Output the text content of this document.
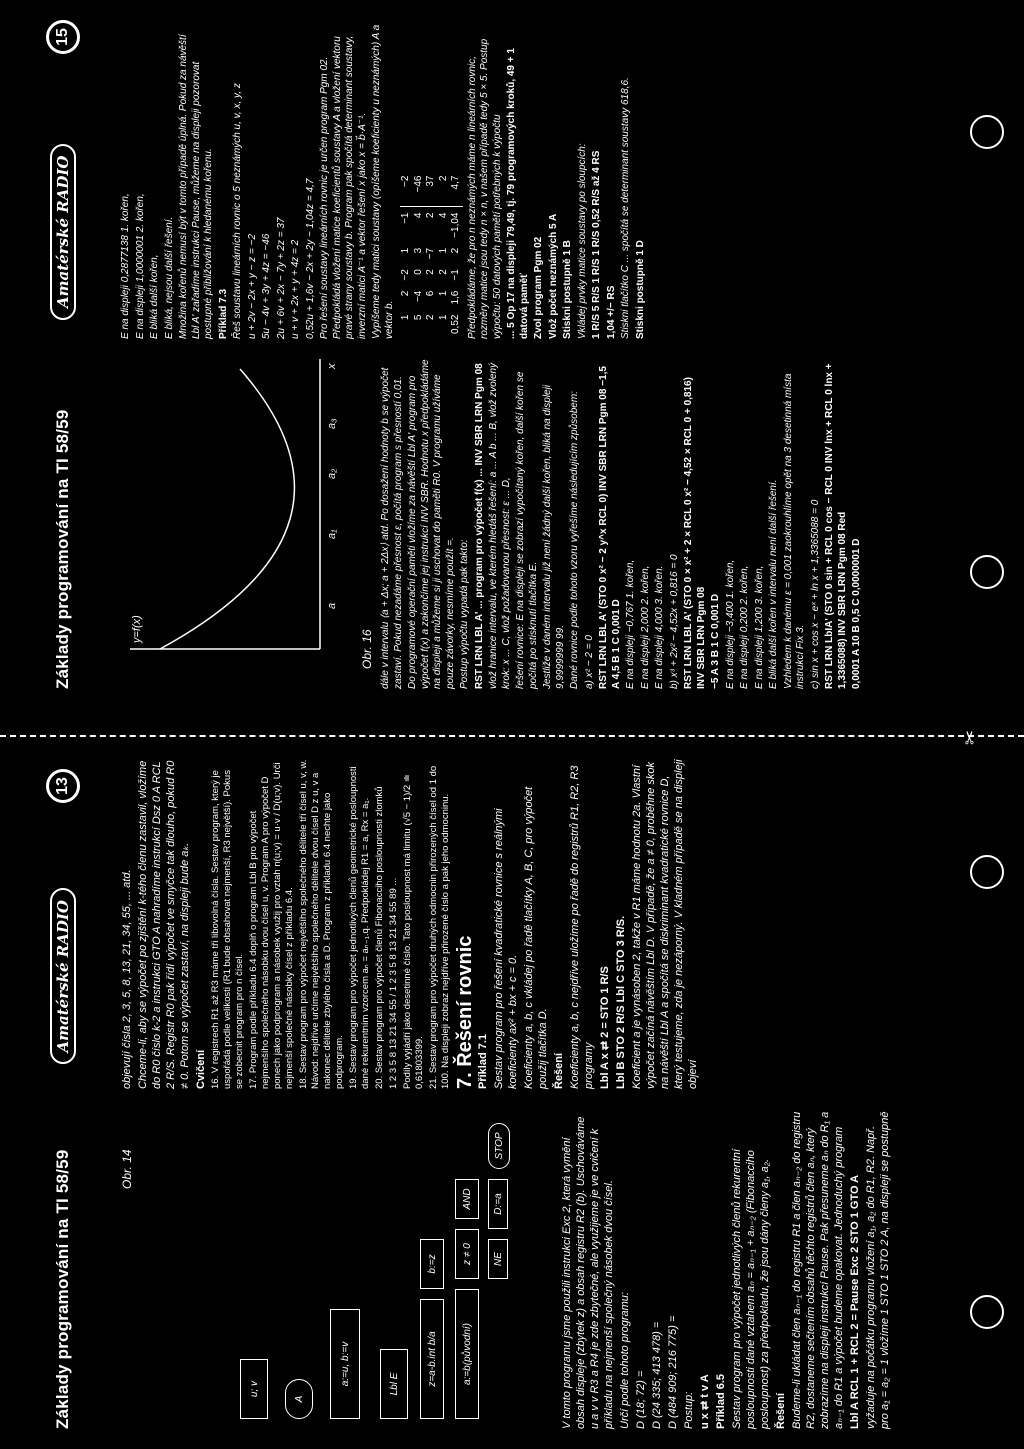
Základy programování na TI 58/59
Amatérské RADIO
13
u; v
A
a:=u, b:=v	Lbl E	z=a-b.int b/a
b:=z
a:=b(původní)
z ≠ 0
AND
NE
D:=a
STOP
Obr. 14	V tomto programu jsme použili instrukci Exc 2, která vymění obsah displeje (zbytek z) a obsah registru R2 (b). Uschováváme u a v v R3 a R4 je zde zbytečné, ale využijeme je ve cvičení k příkladu na nejmenší společný násobek dvou čísel. Určí podle tohoto programu: D (18; 72) = D (24 335; 413 478) = D (484 909; 216 775) = Postup: u x ⇄ t v A Příklad 6.5 Sestav program pro výpočet jednotlivých členů rekurentní posloupnosti dané vztahem aₙ = aₙ₋₁ + aₙ₋₂ (Fibonacciho posloupnost) za předpokladu, že jsou dány členy a₁, a₂. Řešení Budeme-li ukládat člen aₙ₋₁ do registru R1 a člen aₙ₋₂ do registru R2, dostaneme sečtením obsahů těchto registrů člen aₙ, který zobrazíme na displeji instrukcí Pause. Pak přesuneme aₙ do R₁ a aₙ₋₁ do R1 a výpočet budeme opakovat. Jednoduchý program Lbl A RCL 1 + RCL 2 = Pause Exc 2 STO 1 GTO A vyžaduje na počátku programu vložení a₁, a₂ do R1, R2. Např. pro a₁ = a₂ = 1 vložíme 1 STO 1 STO 2 A, na displeji se postupně

objevují čísla 2, 3, 5, 8, 13, 21, 34, 55, ... atd. Chceme-li, aby se výpočet po zjištění k-tého členu zastavil, vložíme do R0 číslo k-2 a instrukci GTO A nahradíme instrukcí Dsz 0 A RCL 2 R/S. Registr R0 pak řídí výpočet ve smyčce tak dlouho, pokud R0 ≠ 0. Potom se výpočet zastaví, na displeji bude aₖ. Cvičení 16. V registrech R1 až R3 máme tři libovolná čísla. Sestav program, který je uspořádá podle velikosti (R1 bude obsahovat nejmenší, R3 největší). Pokus se zobecnit program pro n čísel. 17. Program podle příkladu 6.4 doplň o program Lbl B pro výpočet nejmenšího společného násobku dvou čísel u, v. Program A pro výpočet D ponech jako podprogram a násobek využij pro vztah n(u;v) = u·v / D(u;v). Urči nejmenší společné násobky čísel z příkladu 6.4. 18. Sestav program pro výpočet největšího společného dělitele tří čísel u, v, w. Návod: nejdříve určíme největšího společného dělitele dvou čísel D z u, v a nakonec dělitele zbylého čísla a D. Program z příkladu 6.4 nechte jako podprogram. 19. Sestav program pro výpočet jednotlivých členů geometrické posloupnosti dané rekurentním vzorcem aₙ = aₙ₋₁.q. Předpokládej R1 = a, Rx = a₁. 20. Sestav program pro výpočet členů Fibonacciho posloupnosti zlomků 1 2 3 5 8 13 21 34 55 / 1 2 3 5 8 13 21 34 55 89 ... Podíly vyjádří jako desetinné číslo. Tato posloupnost má limitu (√5 − 1)/2 ≐ 0,61803399. 21. Sestav program pro výpočet druhých odmocnin přirozených čísel od 1 do 100. Na displeji zobraz nejdříve přirozené číslo a pak jeho odmocninu. 7. Řešení rovnic Příklad 7.1 Sestav program pro řešení kvadratické rovnice s reálnými koeficienty ax² + bx + c = 0. Koeficienty a, b, c vkládej po řadě tlačítky A, B, C, pro výpočet použij tlačítka D. Řešení Koeficienty a, b, c nejdříve uložíme po řadě do registrů R1, R2, R3 programy Lbl A x ⇄ 2 = STO 1 R/S Lbl B STO 2 R/S Lbl C STO 3 R/S. Koeficient a je vynásoben 2, takže v R1 máme hodnotu 2a. Vlastní výpočet začíná návěštím Lbl D. V případě, že a ≠ 0, proběhne skok na návěští Lbl A a spočítá se diskriminant kvadratické rovnice D, který testujeme, zda je nezáporný. V kladném případě se na displeji objeví

✂
Základy programování na TI 58/59
Amatérské RADIO
15
y=f(x)
a
a₁
a₂
a₃
x
Obr. 16 dále v intervalu ⟨a + Δx; a + 2Δx⟩ atd. Po dosažení hodnoty b se výpočet zastaví. Pokud nezadáme přesnost ε, počítá program s přesností 0,01. Do programové operační paměti vložíme za návěští Lbl A' program pro výpočet f(x) a zakončíme jej instrukcí INV SBR. Hodnotu x předpokládáme na displeji a můžeme si ji uschovat do paměti R0. V programu užíváme pouze závorky, nesmíme použít =. Postup výpočtu vypadá pak takto: RST LRN LBL A' ... program pro výpočet f(x) ... INV SBR LRN Pgm 08 vlož hranice intervalu, ve kterém hledáš řešení: a ... A b ... B, vlož zvolený krok: x ... C, vlož požadovanou přesnost: ε ... D, řešení rovnice: E na displeji se zobrazí vypočítaný kořen, další kořen se počítá po stisknutí tlačítka E. Jestliže v daném intervalu již není žádný další kořen, bliká na displeji 9,9999999 99. Dané rovnice podle tohoto vzoru vyřešíme následujícím způsobem: a) x² − 2 = 0 RST LRN LBL A' (STO 0 x² − 2 y^x RCL 0) INV SBR LRN Pgm 08 −1,5 A 4,5 B 1 C 0,001 D E na displeji −0,767 1. kořen, E na displeji 2,000 2. kořen, E na displeji 4,000 3. kořen. b) x³ + 2x² − 4,52x + 0,816 = 0 RST LRN LBL A' (STO 0 × x² + 2 × RCL 0 x² − 4,52 × RCL 0 + 0,816) INV SBR LRN Pgm 08 −5 A 3 B 1 C 0,001 D E na displeji −3,400 1. kořen, E na displeji 0,200 2. kořen, E na displeji 1,200 3. kořen, E bliká další kořen v intervalu není další řešení. Vzhledem k danému ε = 0,001 zaokrouhlíme opět na 3 desetinná místa instrukcí Fix 3. c) sin x + cos x − eˣ + ln x + 1,3365088 = 0 RST LRN LbIA' (STO 0 sin + RCL 0 cos − RCL 0 INV lnx + RCL 0 lnx + 1,3365088) INV SBR LRN Pgm 08 Red 0,0001 A 10 B 0,5 C 0,0000001 D

E na displeji 0,2877138 1. kořen, E na displeji 1,0000001 2. kořen, E bliká další kořen, E bliká, nejsou další řešení. Množina kořenů nemusí být v tomto případě úplná. Pokud za návěští Lbl A' zařadíme instrukci Pause, můžeme na displeji pozorovat postupné přibližování k hledanému kořenu. Příklad 7.3 Řeš soustavu lineárních rovnic o 5 neznámých u, v, x, y, z u + 2v − 2x + y − z = −2 5u − 4v + 3y + 4z = −46 2u + 6v + 2x − 7y + 2z = 37 u + v + 2x + y + 4z = 2 0,52u + 1,6v − 2x + 2y − 1,04z = 4,7 Pro řešení soustavy lineárních rovnic je určen program Pgm 02. Předpokládá vložení matice koeficientů soustavy A a vložení vektoru pravé strany soustavy b. Program pak spočítá determinant soustavy, inverzní matici A⁻¹ a vektor řešení x jako x = b⃗·A⁻¹. Vypíšeme tedy matici soustavy (opíšeme koeficienty u neznámých) A a vektor b. 1	2	−2	1	−1	−2
5	−4	0	3	4	−46
2	6	2	−7	2	37
1	1	2	1	4	2
0,52	1,6	−1	2	−1,04	4,7 Předpokládáme, že pro n neznámých máme n lineárních rovnic, rozměry matice jsou tedy n × n, v našem případě tedy 5 × 5. Postup výpočtu: 50 datových pamětí potřebných k výpočtu ... 5 Op 17 na displeji 79,49, tj. 79 programových kroků, 49 + 1 datová paměť Zvol program Pgm 02 Vlož počet neznámých 5 A Stiskni postupně 1 B Vkládej prvky matice soustavy po sloupcích: 1 R/S 5 R/S 1 R/S 1 R/S 0,52 R/S až 4 RS 1,04 +/− RS Stiskni tlačítko C ... spočítá se determinant soustavy 618,6. Stiskni postupně 1 D
